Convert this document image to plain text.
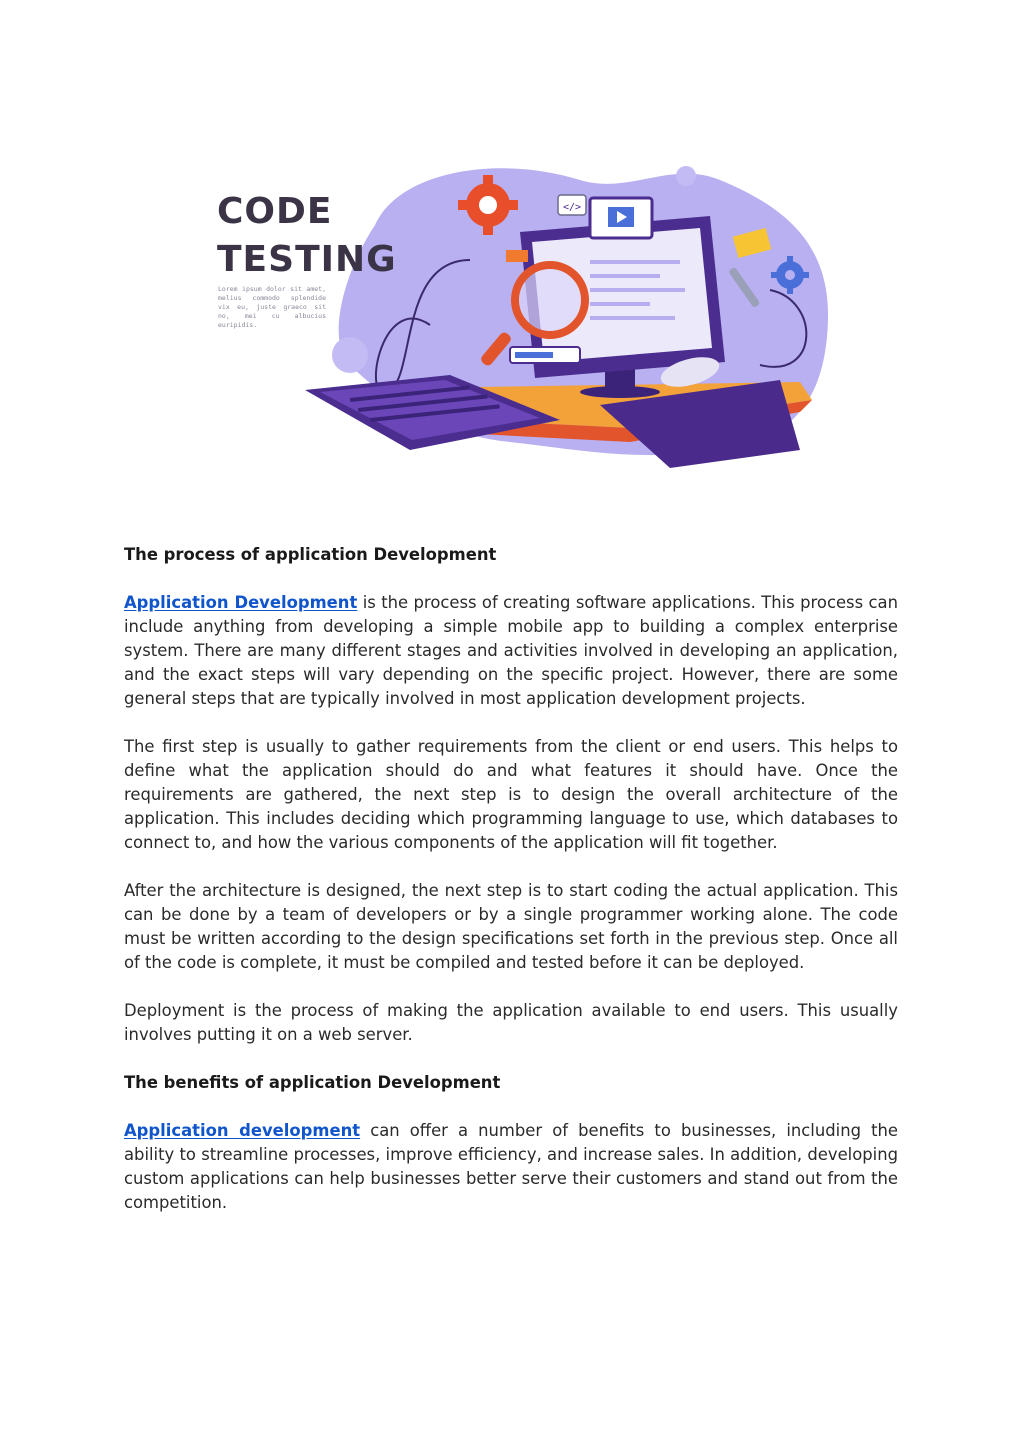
</>
CODE
TESTING
Lorem ipsum dolor sit amet, melius commodo splendide vix eu, juste graeco sit no, mei cu albucius euripidis.
The process of application Development

Application Development is the process of creating software applications. This process can include anything from developing a simple mobile app to building a complex enterprise system. There are many different stages and activities involved in developing an application, and the exact steps will vary depending on the specific project. However, there are some general steps that are typically involved in most application development projects.

The first step is usually to gather requirements from the client or end users. This helps to define what the application should do and what features it should have. Once the requirements are gathered, the next step is to design the overall architecture of the application. This includes deciding which programming language to use, which databases to connect to, and how the various components of the application will fit together.

After the architecture is designed, the next step is to start coding the actual application. This can be done by a team of developers or by a single programmer working alone. The code must be written according to the design specifications set forth in the previous step. Once all of the code is complete, it must be compiled and tested before it can be deployed.

Deployment is the process of making the application available to end users. This usually involves putting it on a web server.

The benefits of application Development

Application development can offer a number of benefits to businesses, including the ability to streamline processes, improve efficiency, and increase sales. In addition, developing custom applications can help businesses better serve their customers and stand out from the competition.
